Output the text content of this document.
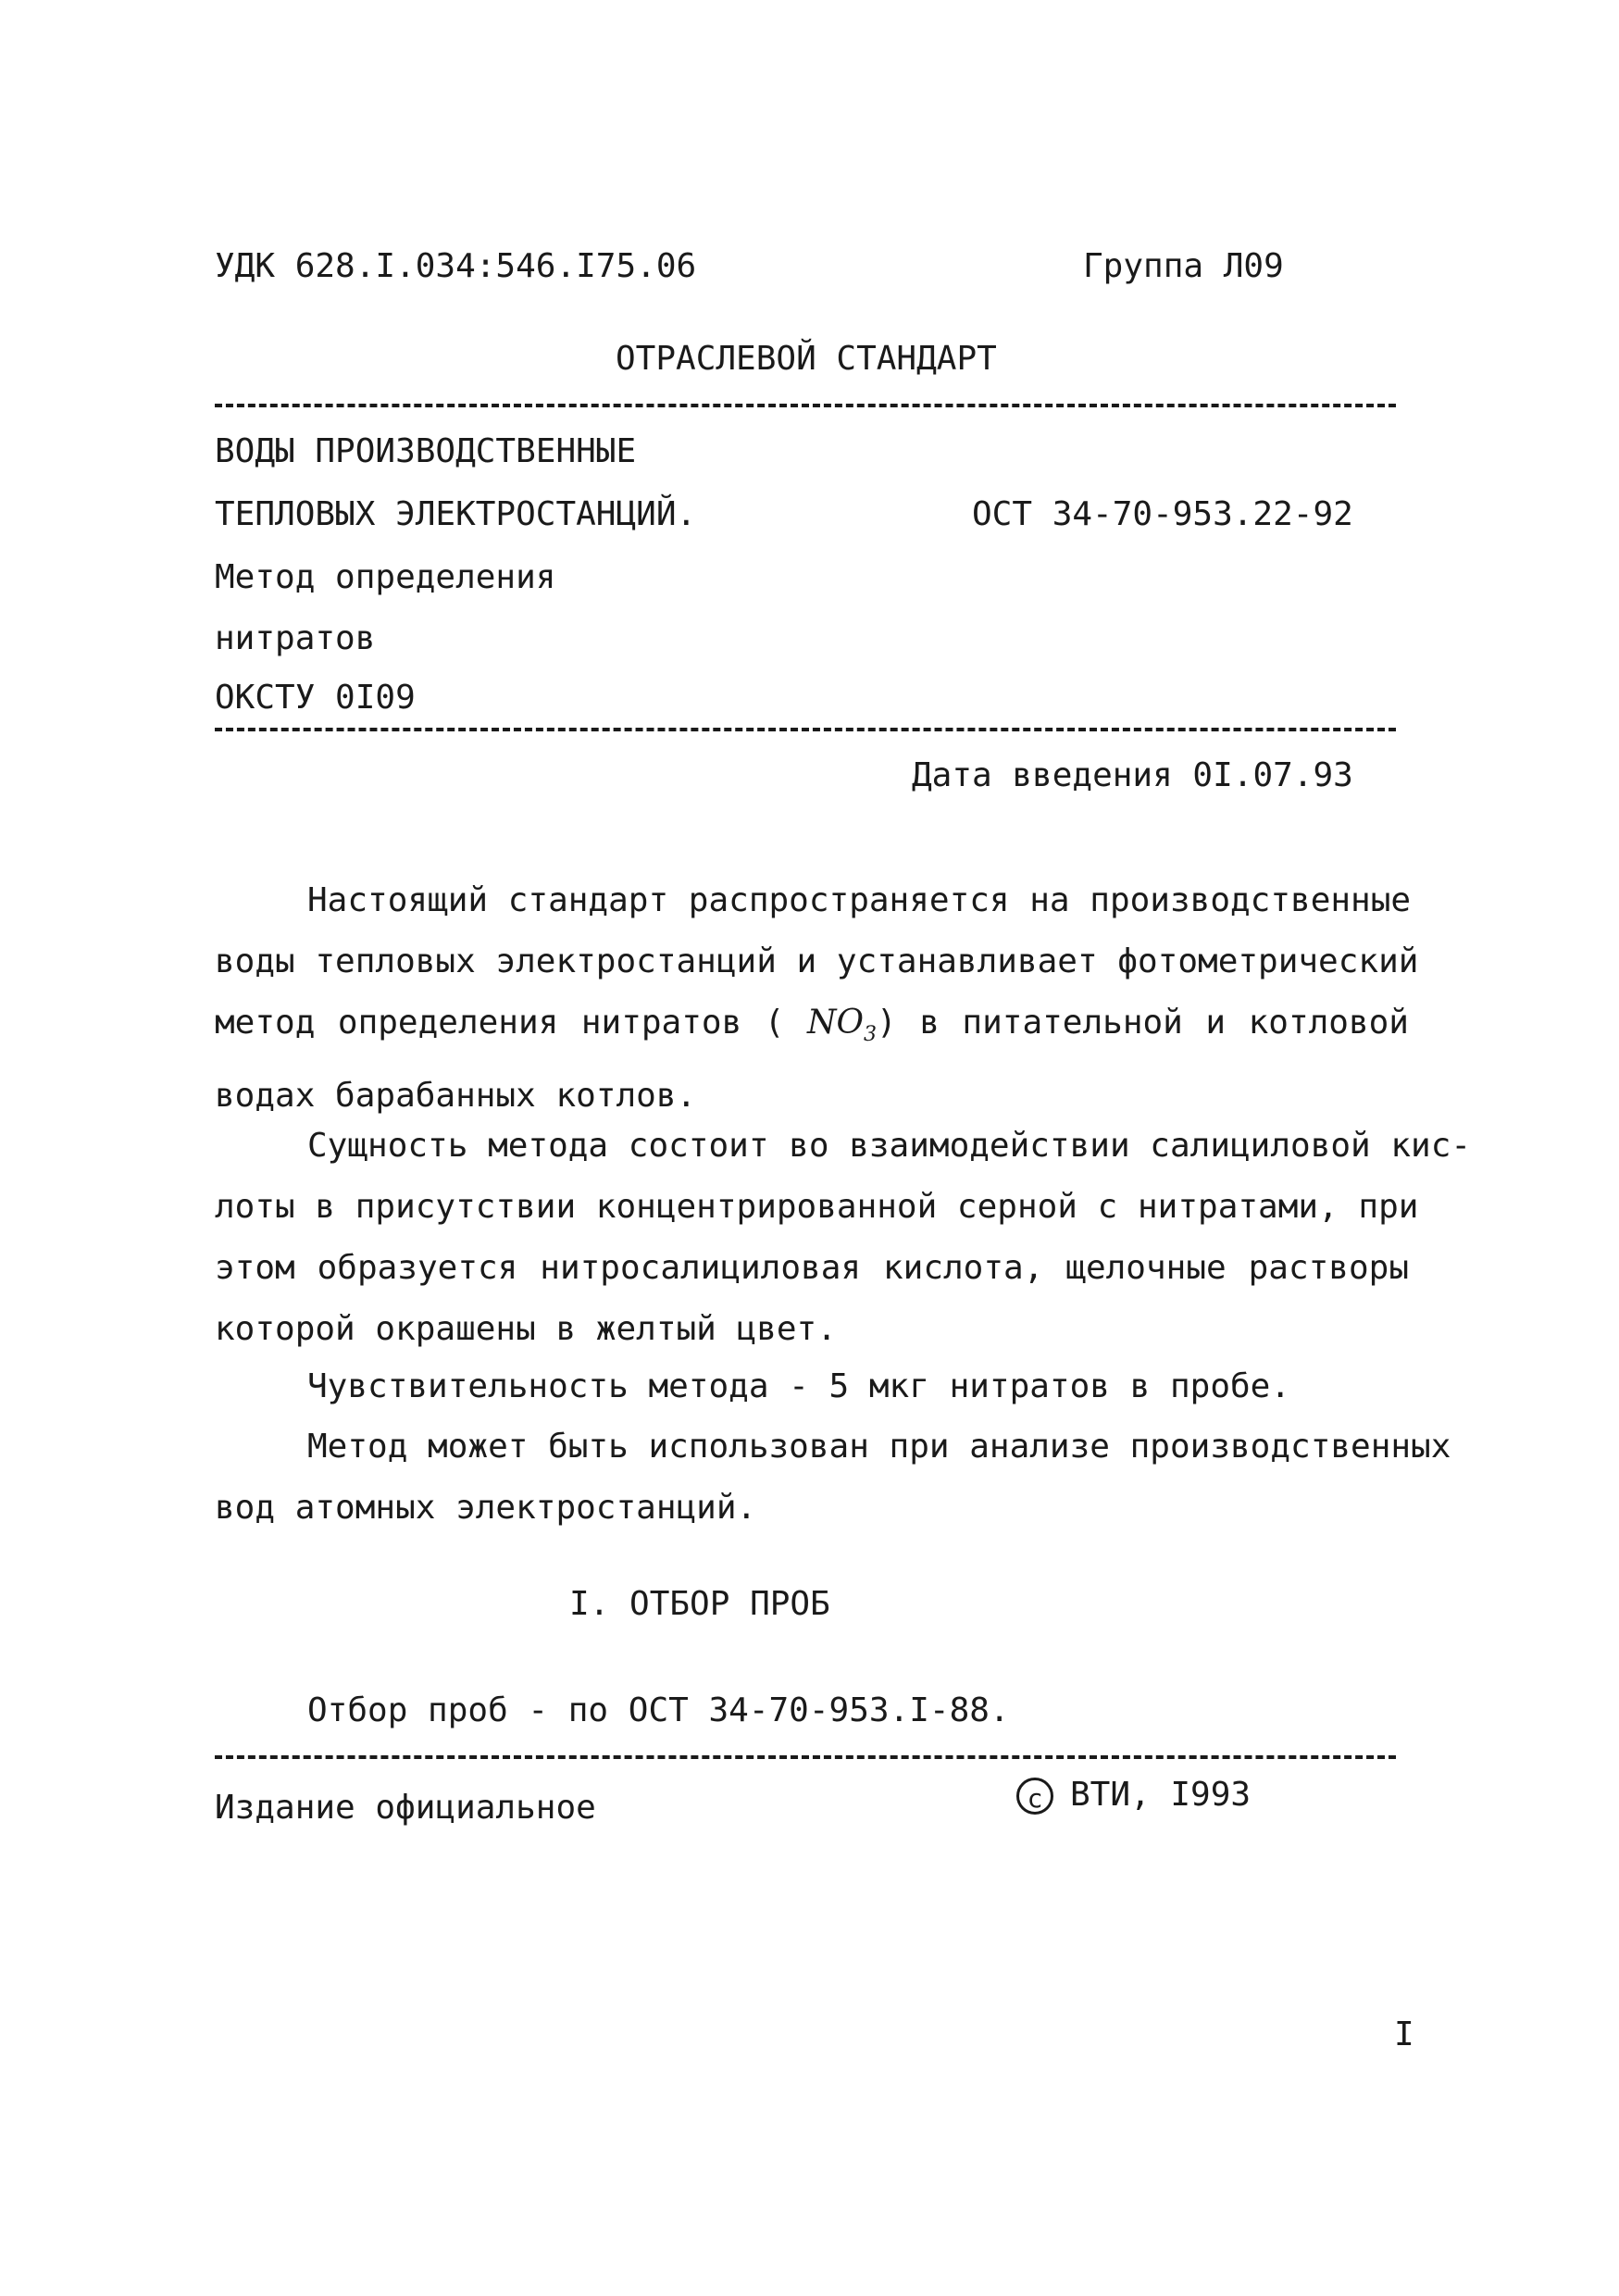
УДК 628.I.034:546.I75.06	Группа Л09
ОТРАСЛЕВОЙ СТАНДАРТ
ВОДЫ ПРОИЗВОДСТВЕННЫЕ
ТЕПЛОВЫХ ЭЛЕКТРОСТАНЦИЙ.	ОСТ 34-70-953.22-92
Метод определения
нитратов
ОКСТУ 0I09
Дата введения 0I.07.93
Настоящий стандарт распространяется на производственные
воды тепловых электростанций и устанавливает фотометрический
метод определения нитратов ( $NO_3$) в питательной и котловой
водах барабанных котлов.
Сущность метода состоит во взаимодействии салициловой кис-
лоты в присутствии концентрированной серной с нитратами, при
этом образуется нитросалициловая кислота, щелочные растворы
которой окрашены в желтый цвет.
Чувствительность метода - 5 мкг нитратов в пробе.
Метод может быть использован при анализе производственных
вод атомных электростанций.
I. ОТБОР ПРОБ
Отбор проб - по ОСТ 34-70-953.I-88.
Издание официальное	c ВТИ, I993
I
